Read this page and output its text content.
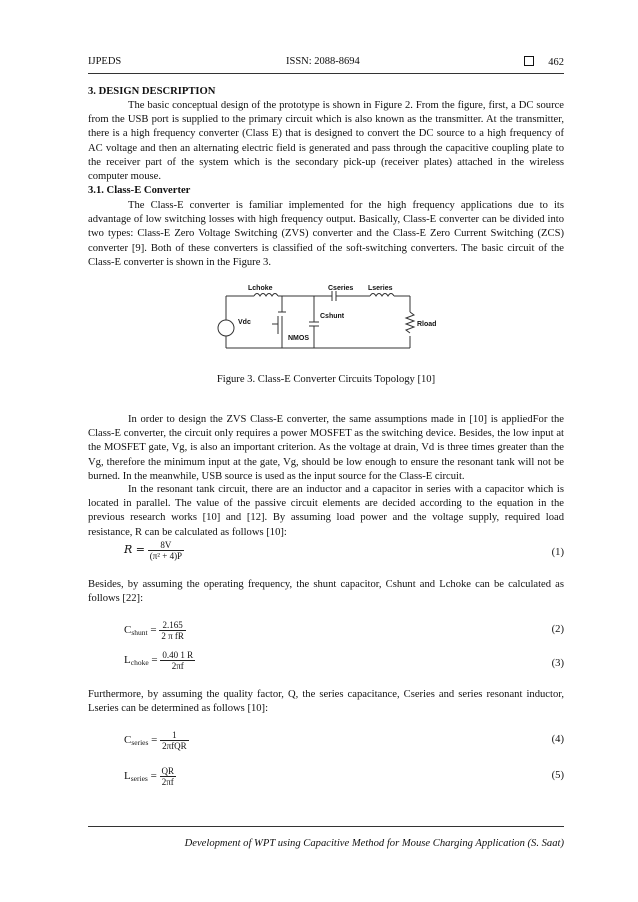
IJPEDS	ISSN: 2088-8694	462

3. DESIGN DESCRIPTION

The basic conceptual design of the prototype is shown in Figure 2. From the figure, first, a DC source from the USB port is supplied to the primary circuit which is also known as the transmitter. At the transmitter, there is a high frequency converter (Class E) that is designed to convert the DC source to a high frequency of AC voltage and then an alternating electric field is generated and pass through the capacitive coupling plate to the receiver part of the system which is the secondary pick-up (receiver plates) attached in the wireless computer mouse.

3.1. Class-E Converter

The Class-E converter is familiar implemented for the high frequency applications due to its advantage of low switching losses with high frequency output. Basically, Class-E converter can be divided into two types: Class-E Zero Voltage Switching (ZVS) converter and the Class-E Zero Current Switching (ZCS) converter [9]. Both of these converters is classified of the soft-switching converters. The basic circuit of the Class-E converter is shown in the Figure 3.

Lchoke	Cseries Lseries
Vdc
Cshunt
Rload
NMOS
Figure 3. Class-E Converter Circuits Topology [10]

In order to design the ZVS Class-E converter, the same assumptions made in [10] is appliedFor the Class-E converter, the circuit only requires a power MOSFET as the switching device. Besides, the low input at the MOSFET gate, Vg, is also an important criterion. As the voltage at drain, Vd is three times greater than the Vg, therefore the minimum input at the gate, Vg, should be low enough to ensure the resonant tank will not be burned. In the meanwhile, USB source is used as the input source for the Class-E circuit.

In the resonant tank circuit, there are an inductor and a capacitor in series with a capacitor which is located in parallel. The value of the passive circuit elements are decided according to the equation in the previous research works [10] and [12]. By assuming load power and the voltage supply, required load resistance, R can be calculated as follows [10]:

$R = \frac{8V}{\text{(π² + 4)P}}$	(1)

Besides, by assuming the operating frequency, the shunt capacitor, Cshunt and Lchoke can be calculated as follows [22]:

$C_{shunt} = \frac{2.165}{\text{2 π fR}}$	(2)
$L_{choke} = \frac{0.40 1 R}{2\pi f}$	(3)

Furthermore, by assuming the quality factor, Q, the series capacitance, Cseries and series resonant inductor, Lseries can be determined as follows [10]:

$C_{series} = \frac{1}{\text{2πfQR}}$	(4)
$L_{series} = \frac{QR}{2\pi f}$	(5)
Development of WPT using Capacitive Method for Mouse Charging Application (S. Saat)
